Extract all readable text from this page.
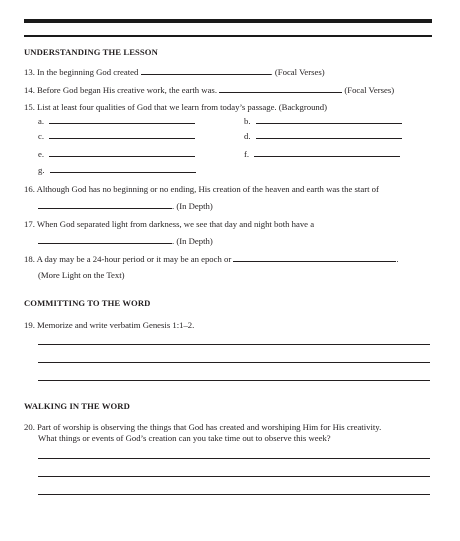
UNDERSTANDING THE LESSON
13. In the beginning God created	. (Focal Verses)
14. Before God began His creative work, the earth was.	(Focal Verses)
15. List at least four qualities of God that we learn from today’s passage. (Background)
a.	b.
c.	d.
e.	f.
g.
16. Although God has no beginning or no ending, His creation of the heaven and earth was the start of
. (In Depth)
17. When God separated light from darkness, we see that day and night both have a
. (In Depth)
18. A day may be a 24-hour period or it may be an epoch or	.
(More Light on the Text)
COMMITTING TO THE WORD
19. Memorize and write verbatim Genesis 1:1–2.
WALKING IN THE WORD
20. Part of worship is observing the things that God has created and worshiping Him for His creativity.
What things or events of God’s creation can you take time out to observe this week?
